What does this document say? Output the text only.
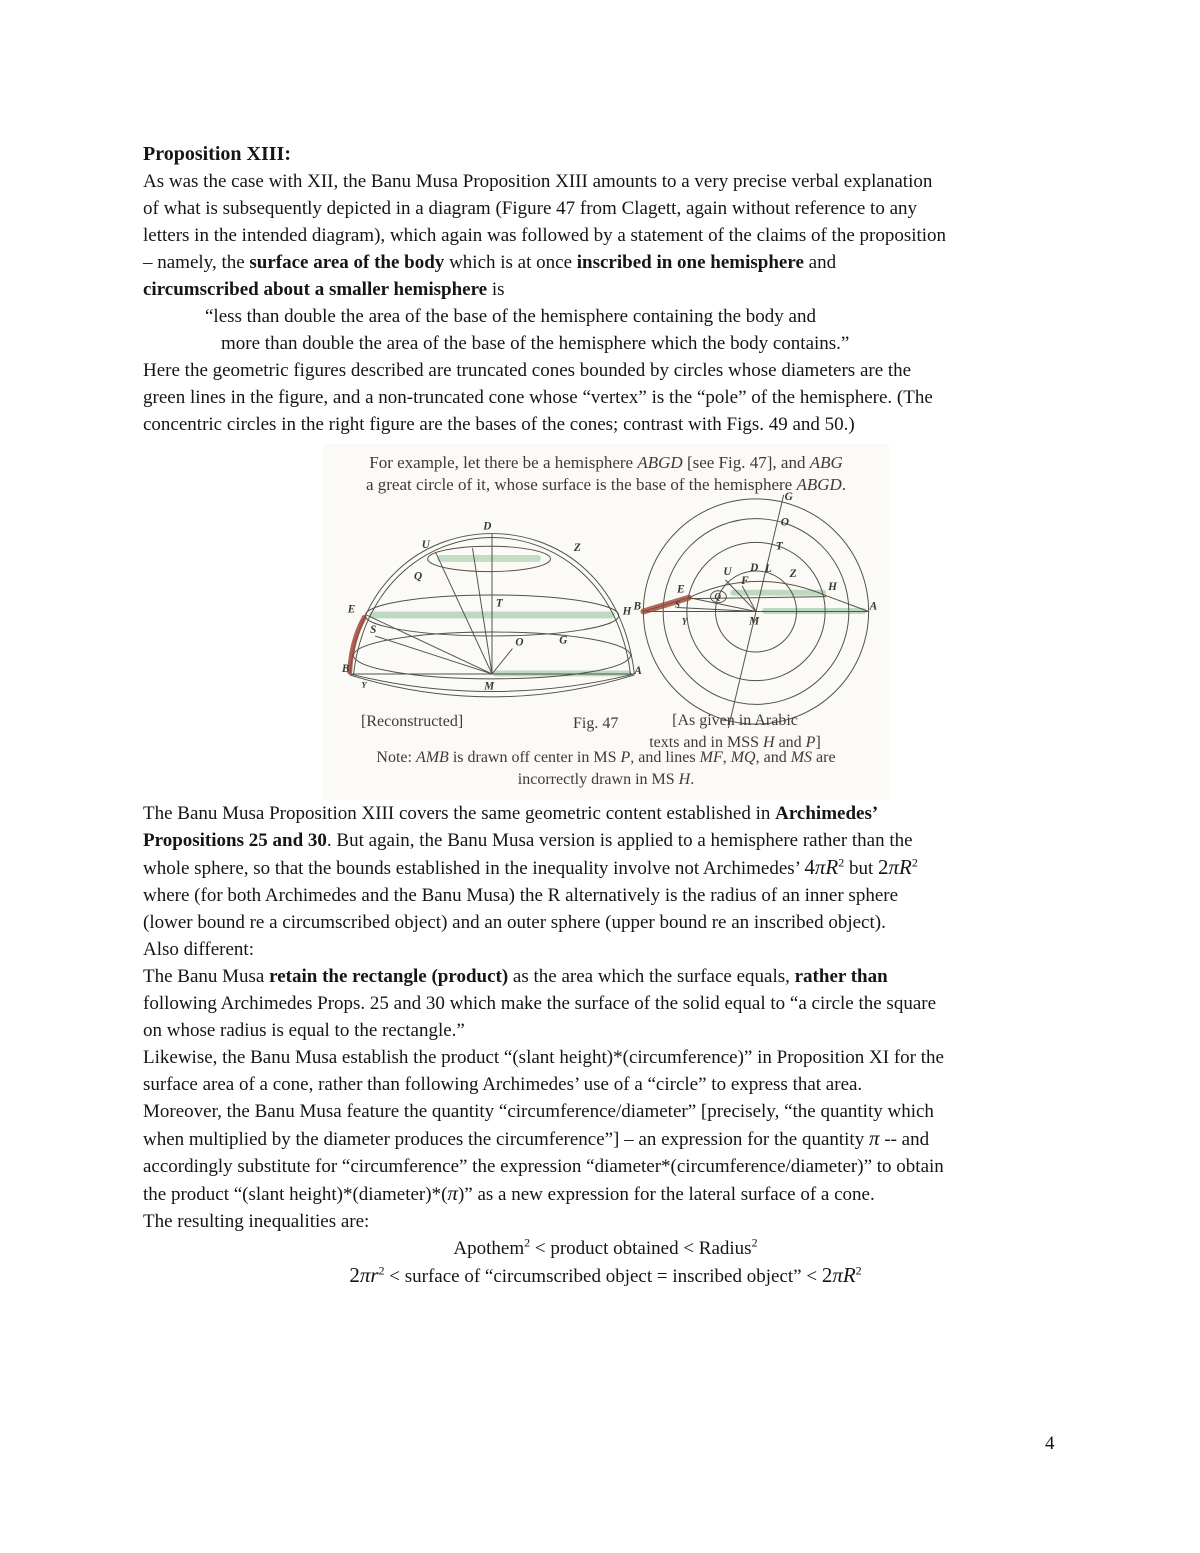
Proposition XIII:

As was the case with XII, the Banu Musa Proposition XIII amounts to a very precise verbal explanation
of what is subsequently depicted in a diagram (Figure 47 from Clagett, again without reference to any
letters in the intended diagram), which again was followed by a statement of the claims of the proposition
– namely, the surface area of the body which is at once inscribed in one hemisphere and
circumscribed about a smaller hemisphere is

“less than double the area of the base of the hemisphere containing the body and

more than double the area of the base of the hemisphere which the body contains.”

Here the geometric figures described are truncated cones bounded by circles whose diameters are the
green lines in the figure, and a non-truncated cone whose “vertex” is the “pole” of the hemisphere. (The
concentric circles in the right figure are the bases of the cones; contrast with Figs. 49 and 50.)

For example, let there be a hemisphere ABGD [see Fig. 47], and ABG
a great circle of it, whose surface is the base of the hemisphere ABGD.
D
U	Z
Q
T
E	H
S
G
O
B
M
A
Y
G
O
T
U D L Z
E
F
Q
S
Y
B
M
A
H
[Reconstructed]	Fig. 47	[As given in Arabic
texts and in MSS H and P]
Note: AMB is drawn off center in MS P, and lines MF, MQ, and MS are
incorrectly drawn in MS H.

The Banu Musa Proposition XIII covers the same geometric content established in Archimedes’
Propositions 25 and 30. But again, the Banu Musa version is applied to a hemisphere rather than the
whole sphere, so that the bounds established in the inequality involve not Archimedes’ $4\pi R^2$ but $2\pi R^2$
where (for both Archimedes and the Banu Musa) the R alternatively is the radius of an inner sphere
(lower bound re a circumscribed object) and an outer sphere (upper bound re an inscribed object).

Also different:
The Banu Musa retain the rectangle (product) as the area which the surface equals, rather than
following Archimedes Props. 25 and 30 which make the surface of the solid equal to “a circle the square
on whose radius is equal to the rectangle.”

Likewise, the Banu Musa establish the product “(slant height)*(circumference)” in Proposition XI for the
surface area of a cone, rather than following Archimedes’ use of a “circle” to express that area.

Moreover, the Banu Musa feature the quantity “circumference/diameter” [precisely, “the quantity which
when multiplied by the diameter produces the circumference”] – an expression for the quantity π -- and
accordingly substitute for “circumference” the expression “diameter*(circumference/diameter)” to obtain
the product “(slant height)*(diameter)*(π)” as a new expression for the lateral surface of a cone.

The resulting inequalities are:

Apothem$^2$ < product obtained < Radius$^2$

$2\pi r^2$ < surface of “circumscribed object = inscribed object” < $2\pi R^2$

4
